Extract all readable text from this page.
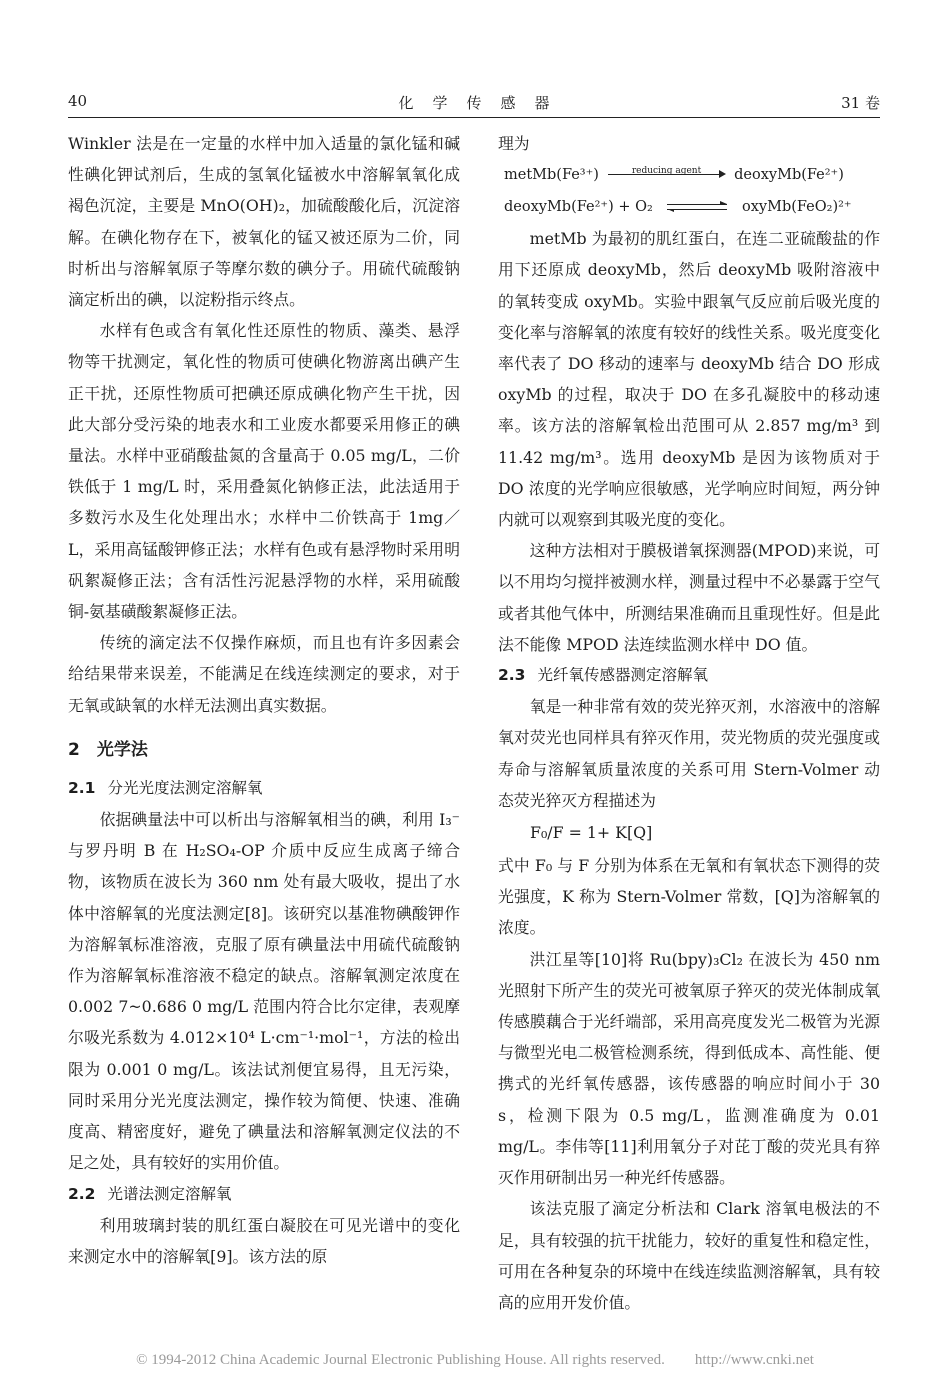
40	化　学　传　感　器	31 卷

Winkler 法是在一定量的水样中加入适量的氯化锰和碱性碘化钾试剂后，生成的氢氧化锰被水中溶解氧氧化成褐色沉淀，主要是 MnO(OH)₂，加硫酸酸化后，沉淀溶解。在碘化物存在下，被氧化的锰又被还原为二价，同时析出与溶解氧原子等摩尔数的碘分子。用硫代硫酸钠滴定析出的碘，以淀粉指示终点。

水样有色或含有氧化性还原性的物质、藻类、悬浮物等干扰测定，氧化性的物质可使碘化物游离出碘产生正干扰，还原性物质可把碘还原成碘化物产生干扰，因此大部分受污染的地表水和工业废水都要采用修正的碘量法。水样中亚硝酸盐氮的含量高于 0.05 mg/L，二价铁低于 1 mg/L 时，采用叠氮化钠修正法，此法适用于多数污水及生化处理出水；水样中二价铁高于 1mg／L，采用高锰酸钾修正法；水样有色或有悬浮物时采用明矾絮凝修正法；含有活性污泥悬浮物的水样，采用硫酸铜-氨基磺酸絮凝修正法。

传统的滴定法不仅操作麻烦，而且也有许多因素会给结果带来误差，不能满足在线连续测定的要求，对于无氧或缺氧的水样无法测出真实数据。

2　光学法
2.1 分光光度法测定溶解氧

依据碘量法中可以析出与溶解氧相当的碘，利用 I₃⁻与罗丹明 B 在 H₂SO₄-OP 介质中反应生成离子缔合物，该物质在波长为 360 nm 处有最大吸收，提出了水体中溶解氧的光度法测定[8]。该研究以基准物碘酸钾作为溶解氧标准溶液，克服了原有碘量法中用硫代硫酸钠作为溶解氧标准溶液不稳定的缺点。溶解氧测定浓度在 0.002 7~0.686 0 mg/L 范围内符合比尔定律，表观摩尔吸光系数为 4.012×10⁴ L·cm⁻¹·mol⁻¹，方法的检出限为 0.001 0 mg/L。该法试剂便宜易得，且无污染，同时采用分光光度法测定，操作较为简便、快速、准确度高、精密度好，避免了碘量法和溶解氧测定仪法的不足之处，具有较好的实用价值。

2.2 光谱法测定溶解氧

利用玻璃封装的肌红蛋白凝胶在可见光谱中的变化来测定水中的溶解氧[9]。该方法的原

理为

metMb(Fe³⁺)	reducing agent	deoxyMb(Fe²⁺)
deoxyMb(Fe²⁺) + O₂	oxyMb(FeO₂)²⁺

metMb 为最初的肌红蛋白，在连二亚硫酸盐的作用下还原成 deoxyMb，然后 deoxyMb 吸附溶液中的氧转变成 oxyMb。实验中跟氧气反应前后吸光度的变化率与溶解氧的浓度有较好的线性关系。吸光度变化率代表了 DO 移动的速率与 deoxyMb 结合 DO 形成 oxyMb 的过程，取决于 DO 在多孔凝胶中的移动速率。该方法的溶解氧检出范围可从 2.857 mg/m³ 到 11.42 mg/m³。选用 deoxyMb 是因为该物质对于 DO 浓度的光学响应很敏感，光学响应时间短，两分钟内就可以观察到其吸光度的变化。

这种方法相对于膜极谱氧探测器(MPOD)来说，可以不用均匀搅拌被测水样，测量过程中不必暴露于空气或者其他气体中，所测结果准确而且重现性好。但是此法不能像 MPOD 法连续监测水样中 DO 值。

2.3 光纤氧传感器测定溶解氧

氧是一种非常有效的荧光猝灭剂，水溶液中的溶解氧对荧光也同样具有猝灭作用，荧光物质的荧光强度或寿命与溶解氧质量浓度的关系可用 Stern-Volmer 动态荧光猝灭方程描述为

F₀/F = 1+ K[Q]

式中 F₀ 与 F 分别为体系在无氧和有氧状态下测得的荧光强度，K 称为 Stern-Volmer 常数，[Q]为溶解氧的浓度。

洪江星等[10]将 Ru(bpy)₃Cl₂ 在波长为 450 nm 光照射下所产生的荧光可被氧原子猝灭的荧光体制成氧传感膜藕合于光纤端部，采用高亮度发光二极管为光源与微型光电二极管检测系统，得到低成本、高性能、便携式的光纤氧传感器，该传感器的响应时间小于 30 s，检测下限为 0.5 mg/L，监测准确度为 0.01 mg/L。李伟等[11]利用氧分子对芘丁酸的荧光具有猝灭作用研制出另一种光纤传感器。

该法克服了滴定分析法和 Clark 溶氧电极法的不足，具有较强的抗干扰能力，较好的重复性和稳定性，可用在各种复杂的环境中在线连续监测溶解氧，具有较高的应用开发价值。

© 1994-2012 China Academic Journal Electronic Publishing House. All rights reserved.　　http://www.cnki.net
